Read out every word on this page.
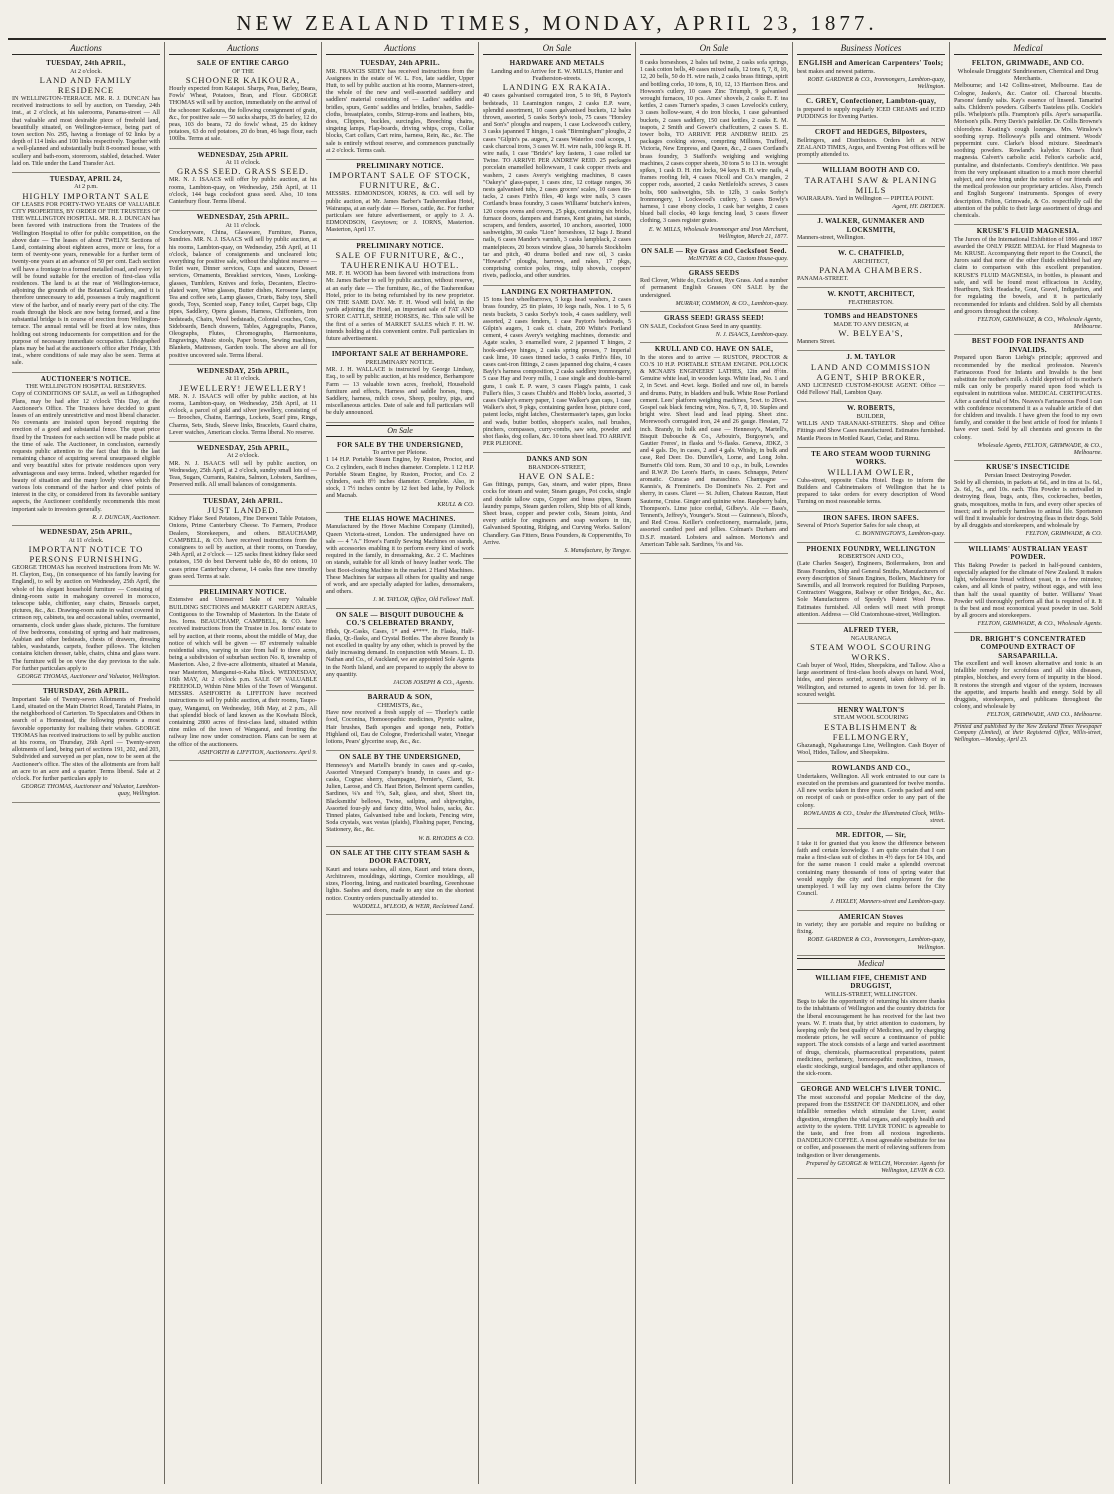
NEW ZEALAND TIMES, MONDAY, APRIL 23, 1877.
Auctions
TUESDAY, 24th APRIL,
At 2 o'clock.
LAND AND FAMILY RESIDENCE
IN WELLINGTON-TERRACE. MR. R. J. DUNCAN has received instructions to sell by auction, on Tuesday, 24th inst., at 2 o'clock, at his salerooms, Panama-street — All that valuable and most desirable piece of freehold land, beautifully situated, on Wellington-terrace, being part of town section No. 295, having a frontage of 92 links by a depth of 114 links and 100 links respectively. Together with a well-planned and substantially built 8-roomed house, with scullery and bath-room, storeroom, stabled, detached. Water laid on. Title under the Land Transfer Act.
TUESDAY, APRIL 24,
At 2 p.m.
HIGHLY IMPORTANT SALE
OF LEASES FOR FORTY-TWO YEARS OF VALUABLE CITY PROPERTIES, BY ORDER OF THE TRUSTEES OF THE WELLINGTON HOSPITAL. MR. R. J. DUNCAN has been favored with instructions from the Trustees of the Wellington Hospital to offer for public competition, on the above date — The leases of about TWELVE Sections of Land, containing about eighteen acres, more or less, for a term of twenty-one years, renewable for a further term of twenty-one years at an advance of 50 per cent. Each section will have a frontage to a formed metalled road, and every lot will be found suitable for the erection of first-class villa residences. The land is at the rear of Wellington-terrace, adjoining the grounds of the Botanical Gardens, and it is therefore unnecessary to add, possesses a truly magnificent view of the harbor, and of nearly every part of the city. The roads through the block are now being formed, and a fine substantial bridge is in course of erection from Wellington-terrace. The annual rental will be fixed at low rates, thus holding out strong inducements for competition and for the purpose of necessary immediate occupation. Lithographed plans may be had at the auctioneer's office after Friday, 13th inst., where conditions of sale may also be seen. Terms at sale.
AUCTIONEER'S NOTICE.
THE WELLINGTON HOSPITAL RESERVES.
Copy of CONDITIONS OF SALE, as well as Lithographed Plans, may be had after 12 o'clock This Day, at the Auctioneer's Office. The Trustees have decided to grant leases of an entirely unrestrictive and most liberal character. No covenants are insisted upon beyond requiring the erection of a good and substantial fence. The upset price fixed by the Trustees for each section will be made public at the time of sale. The Auctioneer, in conclusion, earnestly requests public attention to the fact that this is the last remaining chance of acquiring several unsurpassed eligible and very beautiful sites for private residences upon very advantageous and easy terms. Indeed, whether regarded for beauty of situation and the many lovely views which the various lots command of the harbor and chief points of interest in the city, or considered from its favorable sanitary aspects, the Auctioneer confidently recommends this most important sale to investors generally.
R. J. DUNCAN, Auctioneer.
WEDNESDAY, 25th APRIL,
At 11 o'clock.
IMPORTANT NOTICE TO PERSONS FURNISHING.
GEORGE THOMAS has received instructions from Mr. W. H. Clayton, Esq., (in consequence of his family leaving for England), to sell by auction on Wednesday, 25th April, the whole of his elegant household furniture — Consisting of dining-room suite in mahogany covered in morocco, telescope table, chiffonier, easy chairs, Brussels carpet, pictures, &c., &c. Drawing-room suite in walnut covered in crimson rep, cabinets, tea and occasional tables, overmantel, ornaments, clock under glass shade, pictures. The furniture of five bedrooms, consisting of spring and hair mattresses, Arabian and other bedsteads, chests of drawers, dressing tables, washstands, carpets, feather pillows. The kitchen contains kitchen dresser, table, chairs, china and glass ware. The furniture will be on view the day previous to the sale. For further particulars apply to
GEORGE THOMAS, Auctioneer and Valuator, Wellington.
THURSDAY, 26th APRIL.
Important Sale of Twenty-seven Allotments of Freehold Land, situated on the Main District Road, Taratahi Plains, in the neighborhood of Carterton. To Speculators and Others in search of a Homestead, the following presents a most favorable opportunity for realising their wishes. GEORGE THOMAS has received instructions to sell by public auction at his rooms, on Thursday, 26th April — Twenty-seven allotments of land, being part of sections 191, 202, and 203, Subdivided and surveyed as per plan, now to be seen at the Auctioneer's office. The sites of the allotments are from half an acre to an acre and a quarter. Terms liberal. Sale at 2 o'clock. For further particulars apply to
GEORGE THOMAS, Auctioneer and Valuator, Lambton-quay, Wellington.
Auctions
SALE OF ENTIRE CARGO
OF THE
SCHOONER KAIKOURA,
Hourly expected from Kaiapoi. Sharps, Peas, Barley, Beans, Fowls' Wheat, Potatoes, Bran, and Flour. GEORGE THOMAS will sell by auction, immediately on the arrival of the schooner Kaikoura, the following consignment of grain, &c., for positive sale — 50 sacks sharps, 35 do barley, 12 do peas, 103 do beans, 72 do fowls' wheat, 25 do kidney potatoes, 63 do red potatoes, 20 do bran, 46 bags flour, each 100lbs. Terms at sale.
WEDNESDAY, 25th APRIL
At 11 o'clock.
GRASS SEED. GRASS SEED.
MR. N. J. ISAACS will offer by public auction, at his rooms, Lambton-quay, on Wednesday, 25th April, at 11 o'clock, 144 bags cocksfoot grass seed. Also, 10 tons Canterbury flour. Terms liberal.
WEDNESDAY, 25th APRIL.
At 11 o'clock.
Crockeryware, China, Glassware, Furniture, Pianos, Sundries. MR. N. J. ISAACS will sell by public auction, at his rooms, Lambton-quay, on Wednesday, 25th April, at 11 o'clock, balance of consignments and uncleared lots; everything for positive sale, without the slightest reserve — Toilet ware, Dinner services, Cups and saucers, Dessert services, Ornaments, Breakfast services, Vases, Looking-glasses, Tumblers, Knives and forks, Decanters, Electro-plated ware, Wine glasses, Butter dishes, Kerosene lamps, Tea and coffee sets, Lamp glasses, Cruets, Baby toys, Shell goods, Toys, Scented soap, Fancy toilet, Carpet bags, Clip pipes, Saddlery, Opera glasses, Harness, Chiffoniers, Iron bedsteads, Chairs, Wool bedsteads, Colonial couches, Cots, Sideboards, Bench drawers, Tables, Aggregraphs, Pianos, Oleographs, Flutes, Chromographs, Harmoniums, Engravings, Music stools, Paper boxes, Sewing machines, Blankets, Mattresses, Garden tools. The above are all for positive uncovered sale. Terms liberal.
WEDNESDAY, 25th APRIL,
At 11 o'clock.
JEWELLERY! JEWELLERY!
MR. N. J. ISAACS will offer by public auction, at his rooms, Lambton-quay, on Wednesday, 25th April, at 11 o'clock, a parcel of gold and silver jewellery, consisting of — Brooches, Chains, Earrings, Lockets, Scarf pins, Rings, Charms, Sets, Studs, Sleeve links, Bracelets, Guard chains, Lever watches, American clocks. Terms liberal. No reserve.
WEDNESDAY, 25th APRIL,
At 2 o'clock.
MR. N. J. ISAACS will sell by public auction, on Wednesday, 25th April, at 2 o'clock, sundry small lots of — Teas, Sugars, Currants, Raisins, Salmon, Lobsters, Sardines, Preserved milk. All small balances of consignments.
TUESDAY, 24th APRIL.
JUST LANDED.
Kidney Flake Seed Potatoes, Fine Derwent Table Potatoes, Onions, Prime Canterbury Cheese. To Farmers, Produce Dealers, Storekeepers, and others. BEAUCHAMP, CAMPBELL, & CO. have received instructions from the consignees to sell by auction, at their rooms, on Tuesday, 24th April, at 2 o'clock — 125 sacks finest kidney flake seed potatoes, 150 do best Derwent table do, 80 do onions, 10 cases prime Canterbury cheese, 14 casks fine new timothy grass seed. Terms at sale.
PRELIMINARY NOTICE.
Extensive and Unreserved Sale of very Valuable BUILDING SECTIONS and MARKET GARDEN AREAS, Contiguous to the Township of Masterton. In the Estate of Jos. Iorns. BEAUCHAMP, CAMPBELL, & CO. have received instructions from the Trustee in Jos. Iorns' estate to sell by auction, at their rooms, about the middle of May, due notice of which will be given — 87 extremely valuable residential sites, varying in size from half to three acres, being a subdivision of suburban section No. 8, township of Masterton. Also, 2 five-acre allotments, situated at Manaia, near Masterton, Manganui-o-Kaha Block. WEDNESDAY, 16th MAY, At 2 o'clock p.m. SALE OF VALUABLE FREEHOLD, Within Nine Miles of the Town of Wanganui. MESSRS. ASHFORTH & LIFFITON have received instructions to sell by public auction, at their rooms, Taupo-quay, Wanganui, on Wednesday, 16th May, at 2 p.m., All that splendid block of land known as the Kowhatu Block, containing 2800 acres of first-class land, situated within nine miles of the town of Wanganui, and fronting the railway line now under construction. Plans can be seen at the office of the auctioneers.
ASHFORTH & LIFFITON, Auctioneers. April 9.
Auctions
TUESDAY, 24th APRIL.
MR. FRANCIS SIDEY has received instructions from the Assignees in the estate of W. L. Fox, late saddler, Upper Hutt, to sell by public auction at his rooms, Manners-street, the whole of the new and well-assorted saddlery and saddlers' material consisting of — Ladies' saddles and bridles, spurs, Gents' saddles and bridles, brushes, Saddle-cloths, breastplates, combs, Stirrup-irons and leathers, bits, does, Clippers, buckles, surcingles, Breeching chains, singeing lamps, Flap-boards, driving whips, crops, Collar blocks, Cart collars, Cart reins, harness, Rein, &c., &c. The sale is entirely without reserve, and commences punctually at 2 o'clock. Terms cash.
PRELIMINARY NOTICE.
IMPORTANT SALE OF STOCK, FURNITURE, &C.
MESSRS. EDMONDSON, IORNS, & CO. will sell by public auction, at Mr. James Barber's Tauherenikau Hotel, Wairarapa, at an early date — Horses, cattle, &c. For further particulars see future advertisement, or apply to J. A. EDMONDSON, Greytown; or J. IORNS, Masterton. Masterton, April 17.
PRELIMINARY NOTICE.
SALE OF FURNITURE, &C., TAUHERENIKAU HOTEL.
MR. F. H. WOOD has been favored with instructions from Mr. James Barber to sell by public auction, without reserve, at an early date — The furniture, &c., of the Tauherenikau Hotel, prior to its being refurnished by its new proprietor. ON THE SAME DAY. Mr. F. H. Wood will hold, in the yards adjoining the Hotel, an important sale of FAT AND STORE CATTLE, SHEEP, HORSES, &c. This sale will be the first of a series of MARKET SALES which F. H. W. intends holding at this convenient centre. Full particulars in future advertisement.
IMPORTANT SALE AT BERHAMPORE.
PRELIMINARY NOTICE.
MR. J. H. WALLACE is instructed by George Lindsay, Esq., to sell by public auction, at his residence, Berhampore Farm — 13 valuable town acres, freehold, Household furniture and effects, Harness and saddle horses, traps, Saddlery, harness, milch cows, Sheep, poultry, pigs, and miscellaneous articles. Date of sale and full particulars will be duly announced.
On Sale
FOR SALE BY THE UNDERSIGNED,
To arrive per Pleione.
1 14 H.P. Portable Steam Engine, by Ruston, Proctor, and Co. 2 cylinders, each 8 inches diameter. Complete. 1 12 H.P. Portable Steam Engine, by Ruston, Proctor, and Co. 2 cylinders, each 8½ inches diameter. Complete. Also, in stock, 1 7½ inches centre by 12 feet bed lathe, by Pollock and Macnab.
KRULL & CO.
THE ELIAS HOWE MACHINES.
Manufactured by the Howe Machine Company (Limited), Queen Victoria-street, London. The undersigned have on sale — 4 "A." Howe's Family Sewing Machines on stands, with accessories enabling it to perform every kind of work required in the family, in dressmaking, &c. 2 C. Machines on stands, suitable for all kinds of heavy leather work. The best Boot-closing Machine in the market. 2 Hand Machines. These Machines far surpass all others for quality and range of work, and are specially adapted for ladies, dressmakers, and others.
J. M. TAYLOR, Office, Old Fellows' Hall.
ON SALE — BISQUIT DUBOUCHE & CO.'S CELEBRATED BRANDY,
Hhds, Qr.-Casks, Cases, 1* and 4****. In Flasks, Half-flasks, Qr.-flasks, and Crystal Bottles. The above Brandy is not excelled in quality by any other, which is proved by the daily increasing demand. In conjunction with Messrs. L. D. Nathan and Co., of Auckland, we are appointed Sole Agents in the North Island, and are prepared to supply the above to any quantity.
JACOB JOSEPH & CO., Agents.
BARRAUD & SON,
CHEMISTS, &c.,
Have now received a fresh supply of — Thorley's cattle food, Coconina, Homoeopathic medicines, Pyretic saline, Hair brushes, Bath sponges and sponge nets, Pottie's Highland oil, Eau de Cologne, Fredericshall water, Vinegar lotions, Pears' glycerine soap, &c., &c.
ON SALE BY THE UNDERSIGNED,
Hennessy's and Martell's brandy in cases and qr.-casks, Assorted Vineyard Company's brandy, in cases and qr.-casks, Cognac sherry, champagne, Pernier's, Claret, St. Julien, Larose, and Ch. Haut Brion, Belmont sperm candles, Sardines, ¼'s and ½'s, Salt, glass, and shot, Sheet tin, Blacksmiths' bellows, Twine, sailpins, and shipwrights, Assorted four-ply and fancy ditto, Wool bales, sacks, &c. Tinned plates, Galvanised tube and lockets, Fencing wire, Soda crystals, wax vestas (plaids), Flushing paper, Fencing, Stationery, &c., &c.
W. B. RHODES & CO.
ON SALE AT THE CITY STEAM SASH & DOOR FACTORY,
Kauri and totara sashes, all sizes, Kauri and totara doors, Architraves, mouldings, skirtings, Cornice mouldings, all sizes, Flooring, lining, and rusticated boarding, Greenhouse lights. Sashes and doors, made to any size on the shortest notice. Country orders punctually attended to.
WADDELL, M'LEOD, & WEIR, Reclaimed Land.
On Sale
HARDWARE AND METALS
Landing and to Arrive for E. W. MILLS, Hunter and Featherston-streets.
LANDING EX RAKAIA.
40 cases galvanised corrugated iron, 5 to 9ft, 8 Payton's bedsteads, 11 Leamington ranges, 2 casks E.P. ware, splendid assortment, 10 cases galvanised buckets, 12 bales thrown, assorted, 5 casks Sorby's tools, 75 cases "Horsley and Son's" ploughs and reapers, 1 case Lockwood's cutlery, 3 casks japanned T hinges, 1 cask "Birmingham" ploughs, 2 cases "Gilpin's pa. augers, 2 cases Waterloo coal scoops, 1 cask charcoal irons, 3 cases W. H. wire nails, 100 kegs R. H. wire nails, 1 case "Bride's" key fastens, 1 case rolled tar Twine. TO ARRIVE PER ANDREW REID. 25 packages porcelain enamelled hollowware, 1 cask copper rivets and washers, 2 cases Avery's weighing machines, 8 cases "Oakey's" glass-paper, 1 cases zinc, 12 cottage ranges, 36 nests galvanised tubs, 2 cases grocers' scales, 10 cases tin-tacks, 2 cases Firth's files, 40 kegs wire nails, 3 cases Cortland's brass foundry, 3 cases Williams' butcher's knives, 120 coops ovens and covers, 25 pkgs, containing six bricks, furnace doors, dampers and frames, Kent grates, hat stands, scrapers, and fenders, assorted, 10 anchors, assorted, 1000 sashweights, 30 casks "Lion" horseshoes, 12 bags J. Brand nails, 6 cases Mander's varnish, 3 casks lampblack, 2 cases mantelpieces, 20 boxes window glass, 30 barrels Stockholm tar and pitch, 40 drums boiled and raw oil, 3 casks "Howard's" ploughs, harrows, and rakes, 17 pkgs, comprising cornice poles, rings, tulip shovels, coopers' rivets, padlocks, and other sundries.
LANDING EX NORTHAMPTON.
15 tons best wheelbarrows, 5 kegs head washers, 2 cases brass foundry, 25 tin plates, 10 kegs nails, Nos. 1 to 5, 6 nests buckets, 3 casks Sorby's tools, 4 cases saddlery, well assorted, 2 cases fenders, 1 case Payton's bedsteads, 5 Gilpin's augers, 1 cask ct. chain, 200 White's Portland cement, 4 cases Avery's weighing machines, domestic and Agate scales, 3 enamelled ware, 2 japanned T hinges, 2 hook-and-eye hinges, 2 casks spring presses, 7 Imperial cask lime, 10 cases tinned tacks, 3 casks Firth's files, 10 cases cast-iron fittings, 2 cases japanned dog chains, 4 cases Bayly's harness composition, 2 casks saddlery ironmongery, 5 case Hay and Ivory mills, 1 case single and double-barrel guns, 1 cask E. P. ware, 3 cases Flagg's paints, 1 cask Fuller's files, 3 cases Chubb's and Hobb's locks, assorted, 3 cases Oakey's emery paper, 1 case Walker's gun caps, 1 case Walker's shot, 9 pkgs, containing garden hose, picture cord, patent locks, night latches, Chestermaster's tapes, gun locks and wads, butter bottles, shopper's scales, nail brushes, pinchers, compasses, curry-combs, saw sets, powder and shot flasks, dog collars, &c. 10 tons sheet lead. TO ARRIVE PER PLEIONE.
DANKS AND SON
BRANDON-STREET,
HAVE ON SALE:
Gas fittings, pumps, Gas, steam, and water pipes, Brass cocks for steam and water, Steam gauges, Pot cocks, single and double tallow cups, Copper and brass pipes, Steam laundry pumps, Steam garden rollers, Ship bits of all kinds, Sheet brass, copper and pewter coils, Steam joints, And every article for engineers and soap workers in tin, Galvanised Spouting, Ridging, and Curving Works. Sailors' Chandlery. Gas Fitters, Brass Founders, & Coppersmiths, To Arrive.
S. Manufacture, by Tangye.
On Sale
8 casks horseshoes, 2 bales tail twine, 2 casks sofa springs, 1 cask cotton bells, 40 cases mixed nails, 12 tons 6, 7, 8, 10, 12, 20 bells, 50 do H. wire nails, 2 casks brass fittings, spirit and bottling corks, 10 tons, 8, 10, 12, 13 Harrison Bros. and Howson's cutlery, 10 cases Zinc Triumph, 9 galvanised wrought furnaces, 10 pcs. Ames' shovels, 2 casks E. F. tea kettles, 2 cases Turner's spades, 3 cases Lovelock's cutlery, 3 cases hollow-ware, 4 do iron blocks, 1 case galvanised buckets, 2 cases saddlery, 150 cast kettles, 2 casks E. M. teapots, 2 Smith and Gower's chaffcutters, 2 cases S. E. tower bolts, TO ARRIVE PER ANDREW REID. 25 packages cooking stoves, compriing Milltons, Trafford, Victoria, New Empress, and Queen, &c., 2 cases Cortland's brass foundry, 3 Stafford's weighing and weighing machines, 2 cases copper sheets, 30 tons 5 to 13 in. wrought spikes, 1 cask D. H. rim locks, 94 keys B. H. wire nails, 4 frames roofing felt, 4 cases Nicoll and Co.'s mangles, 2 copper rods, assorted, 2 casks Nettlefold's screws, 3 cases bolts, 900 sashweights, 5lb. to 12lb, 3 casks Sorby's Ironmongery, 1 Lockwood's cutlery, 3 cases Bowly's harness, 1 case ebony clocks, 1 cask bar weights, 2 cases blued ball clocks, 40 kegs fencing lead, 3 cases flower clothing, 3 cases register grates.
E. W. MILLS, Wholesale Ironmonger and Iron Merchant, Wellington, March 21, 1877.
ON SALE — Rye Grass and Cocksfoot Seed.
McINTYRE & CO., Custom House-quay.
GRASS SEEDS
Red Clover, White do, Cocksfoot, Rye Grass. And a number of permanent English Grasses ON SALE by the undersigned.
MURRAY, COMMON, & CO., Lambton-quay.
GRASS SEED! GRASS SEED!
ON SALE, Cocksfoot Grass Seed in any quantity.
N. J. ISAACS, Lambton-quay.
KRULL AND CO. HAVE ON SALE,
In the stores and to arrive — RUSTON, PROCTOR & CO.'S 10 H.P. PORTABLE STEAM ENGINE. POLLOCK & MCNAB'S ENGINEERS' LATHES, 12in and 8½in. Genuine white lead, in wooden kegs. White lead, No. 1 and 2, in 5cwt. and 4cwt. kegs. Boiled and raw oil, in barrels and drums. Putty, in bladders and bulk. White Rose Portland cement. Lees' platform weighing machines, 5cwt. to 20cwt. Gospel oak black fencing wire, Nos. 6, 7, 8, 10. Staples and bright wire. Sheet lead and lead piping. Sheet zinc. Morewood's corrugated iron, 24 and 26 gauge. Hessian, 72 inch. Brandy, in bulk and case — Hennessy's, Martell's, Bisquit Dubouche & Co., Arbouin's, Burgoyne's, and Gautier Freres', in flasks and ½-flasks. Geneva, JDKZ, 3 and 4 gals. Do, in cases, 2 and 4 gals. Whisky, in bulk and case, Red Deer. Do. Dunville's, Lorne, and Long John. Burnett's Old tom. Rum, 30 and 10 o.p., in bulk, Lowndes and R.W.P. Do Leon's Hart's, in cases. Schnapps, Peters' aromatic. Curacao and maraschino. Champagne — Kannis's, & Freminet's. Do Dominet's No. 2. Port and sherry, in cases. Claret — St. Julien, Chateau Rauzan, Haut Sauterne, Cruise. Ginger and quinine wine. Raspberry balm, Thompson's. Lime juice cordial, Gilbey's. Ale — Bass's, Tennent's, Jeffrey's, Younger's. Stout — Guinness's, Blood's, and Red Cross. Keiller's confectionery, marmalade, jams, assorted candied peel and jellies. Colman's Durham and D.S.F. mustard. Lobsters and salmon. Mortons's and American Table salt. Sardines, ½s and ¼s.
Business Notices
ENGLISH and American Carpenters' Tools;
best makes and newest patterns.
ROBT. GARDNER & CO., Ironmongers, Lambton-quay, Wellington.
C. GREY, Confectioner, Lambton-quay,
is prepared to supply regularly ICED CREAMS and ICED PUDDINGS for Evening Parties.
CROFT and HEDGES, Bilposters,
Bellringers, and Distributors. Orders left at NEW ZEALAND TIMES, Argus, and Evening Post offices will be promptly attended to.
WILLIAM BOOTH AND CO.
TARATAHI SAW & PLANING MILLS
WAIRARAPA. Yard in Wellington — PIPITEA POINT.
Agent, HY. DRYDEN.
J. WALKER, GUNMAKER AND LOCKSMITH,
Manners-street, Wellington.
W. C. CHATFIELD,
ARCHITECT,
PANAMA CHAMBERS.
PANAMA-STREET.
W. KNOTT, ARCHITECT,
FEATHERSTON.
TOMBS and HEADSTONES
MADE TO ANY DESIGN, at
W. BELYEA'S,
Manners Street.
J. M. TAYLOR
LAND AND COMMISSION AGENT, SHIP BROKER,
AND LICENSED CUSTOM-HOUSE AGENT. Office — Odd Fellows' Hall, Lambton Quay.
W. ROBERTS,
BUILDER,
WILLIS AND TARANAKI-STREETS. Shop and Office Fittings and Show Cases manufactured. Estimates furnished. Mantle Pieces in Mottled Kauri, Cedar, and Rimu.
TE ARO STEAM WOOD TURNING WORKS.
WILLIAM OWLER,
Cuba-street, opposite Cuba Hotel. Begs to inform the Builders and Cabinetmakers of Wellington that he is prepared to take orders for every description of Wood Turning on most reasonable terms.
IRON SAFES. IRON SAFES.
Several of Price's Superior Safes for sale cheap, at
C. BONNINGTON'S, Lambton-quay.
PHOENIX FOUNDRY, WELLINGTON
ROBERTSON AND CO.,
(Late Charles Seager), Engineers, Boilermakers, Iron and Brass Founders, Ship and General Smiths, Manufacturers of every description of Steam Engines, Boilers, Machinery for Sawmills, and all Ironwork required for Building Purposes, Contractors' Waggons, Railway or other Bridges, &c., &c. Sole Manufacturers of Speedy's Patent Wool Press. Estimates furnished. All orders will meet with prompt attention. Address — Old Customhouse-street, Wellington.
ALFRED TYER,
NGAURANGA
STEAM WOOL SCOURING WORKS.
Cash buyer of Wool, Hides, Sheepskins, and Tallow. Also a large assortment of first-class hoofs always on hand. Wool, hides, and pieces sorted, scoured, taken delivery of in Wellington, and returned to agents in town for 1d. per lb. scoured weight.
HENRY WALTON'S
STEAM WOOL SCOURING
ESTABLISHMENT & FELLMONGERY,
Ghazanagh, Ngahauranga Line, Wellington. Cash Buyer of Wool, Hides, Tallow, and Sheepskins.
ROWLANDS AND CO.,
Undertakers, Wellington. All work entrusted to our care is executed on the premises and guaranteed for twelve months. All new works taken in three years. Goods packed and sent on receipt of cash or post-office order to any part of the colony.
ROWLANDS & CO., Under the Illuminated Clock, Willis-street.
MR. EDITOR, — Sir,
I take it for granted that you know the difference between faith and certain knowledge. I am quite certain that I can make a first-class suit of clothes in 4½ days for £4 10s, and for the same reason I could make a splendid overcoat containing many thousands of tons of spring water that would supply the city and find employment for the unemployed. I will lay my own claims before the City Council.
J. HIXLEY, Manners-street and Lambton-quay.
AMERICAN Stoves
in variety; they are portable and require no building or fixing.
ROBT. GARDNER & CO., Ironmongers, Lambton-quay, Wellington.
Medical
WILLIAM FIFE, CHEMIST AND DRUGGIST,
WILLIS-STREET, WELLINGTON.
Begs to take the opportunity of returning his sincere thanks to the inhabitants of Wellington and the country districts for the liberal encouragement he has received for the last two years. W. F. trusts that, by strict attention to customers, by keeping only the best quality of Medicines, and by charging moderate prices, he will secure a continuance of public support. The stock consists of a large and varied assortment of drugs, chemicals, pharmaceutical preparations, patent medicines, perfumery, homoeopathic medicines, trusses, elastic stockings, surgical bandages, and other appliances of the sick-room.
GEORGE AND WELCH'S LIVER TONIC.
The most successful and popular Medicine of the day, prepared from the ESSENCE OF DANDELION, and other infallible remedies which stimulate the Liver, assist digestion, strengthen the vital organs, and supply health and activity to the system. THE LIVER TONIC is agreeable to the taste, and free from all noxious ingredients. DANDELION COFFEE. A most agreeable substitute for tea or coffee, and possesses the merit of relieving sufferers from indigestion or liver derangements.
Prepared by GEORGE & WELCH, Worcester. Agents for Wellington, LEVIN & CO.
Medical
FELTON, GRIMWADE, AND CO.
Wholesale Druggists' Sundriesmen, Chemical and Drug Merchants.
Melbourne; and 142 Collins-street, Melbourne. Eau de Cologne, Jeakes's, &c. Castor oil. Charcoal biscuits. Parsons' family salts. Kay's essence of linseed. Tamarind salts. Children's powders. Gilbert's Tasteless pills. Cockle's pills. Whelpton's pills. Frampton's pills. Ayer's sarsaparilla. Morison's pills. Perry Davis's painkiller. Dr. Collis Browne's chlorodyne. Keating's cough lozenges. Mrs. Winslow's soothing syrup. Holloway's pills and ointment. Woods' peppermint cure. Clarke's blood mixture. Steedman's soothing powders. Rowland's kalydor. Kruse's fluid magnesia. Calvert's carbolic acid. Felton's carbolic acid, puntaline, and disinfectants. Comfrey's dentifrice. We pass from the very unpleasant situation to a much more cheerful subject, and now bring under the notice of our friends and the medical profession our proprietary articles. Also, French and English Surgeons' instruments. Sponges of every description. Felton, Grimwade, & Co. respectfully call the attention of the public to their large assortment of drugs and chemicals.
KRUSE'S FLUID MAGNESIA.
The Jurors of the International Exhibition of 1866 and 1867 awarded the ONLY PRIZE MEDAL for Fluid Magnesia to Mr. KRUSE. Accompanying their report to the Council, the Jurors said that none of the other fluids exhibited had any claim to comparison with this excellent preparation. KRUSE'S FLUID MAGNESIA, in bottles, is pleasant and safe, and will be found most efficacious in Acidity, Heartburn, Sick Headache, Gout, Gravel, Indigestion, and for regulating the bowels, and it is particularly recommended for infants and children. Sold by all chemists and grocers throughout the colony.
FELTON, GRIMWADE, & CO., Wholesale Agents, Melbourne.
BEST FOOD FOR INFANTS AND INVALIDS.
Prepared upon Baron Liebig's principle; approved and recommended by the medical profession. Neaves's Farinaceous Food for Infants and Invalids is the best substitute for mother's milk. A child deprived of its mother's milk can only be properly reared upon food which is equivalent in nutritious value. MEDICAL CERTIFICATES. After a careful trial of Mrs. Neaves's Farinaceous Food I can with confidence recommend it as a valuable article of diet for children and invalids. I have given the food to my own family, and consider it the best article of food for infants I have ever used. Sold by all chemists and grocers in the colony.
Wholesale Agents, FELTON, GRIMWADE, & CO., Melbourne.
KRUSE'S INSECTICIDE
Persian Insect Destroying Powder.
Sold by all chemists, in packets at 6d., and in tins at 1s. 6d., 2s. 6d., 5s., and 10s. each. This Powder is unrivalled in destroying fleas, bugs, ants, flies, cockroaches, beetles, gnats, mosquitoes, moths in furs, and every other species of insect; and is perfectly harmless to animal life. Sportsmen will find it invaluable for destroying fleas in their dogs. Sold by all druggists and storekeepers, and wholesale by
FELTON, GRIMWADE, & CO.
WILLIAMS' AUSTRALIAN YEAST POWDER.
This Baking Powder is packed in half-pound canisters, especially adapted for the climate of New Zealand. It makes light, wholesome bread without yeast, in a few minutes; cakes, and all kinds of pastry, without eggs, and with less than half the usual quantity of butter. Williams' Yeast Powder will thoroughly perform all that is required of it. It is the best and most economical yeast powder in use. Sold by all grocers and storekeepers.
FELTON, GRIMWADE, & CO., Wholesale Agents.
DR. BRIGHT'S CONCENTRATED COMPOUND EXTRACT OF SARSAPARILLA.
The excellent and well known alternative and tonic is an infallible remedy for scrofulous and all skin diseases, pimples, blotches, and every form of impurity in the blood. It restores the strength and vigour of the system, increases the appetite, and imparts health and energy. Sold by all druggists, storekeepers, and publicans throughout the colony, and wholesale by
FELTON, GRIMWADE, AND CO., Melbourne.
Printed and published by the New Zealand Times Newspaper Company (Limited), at their Registered Office, Willis-street, Wellington.—Monday, April 23.
